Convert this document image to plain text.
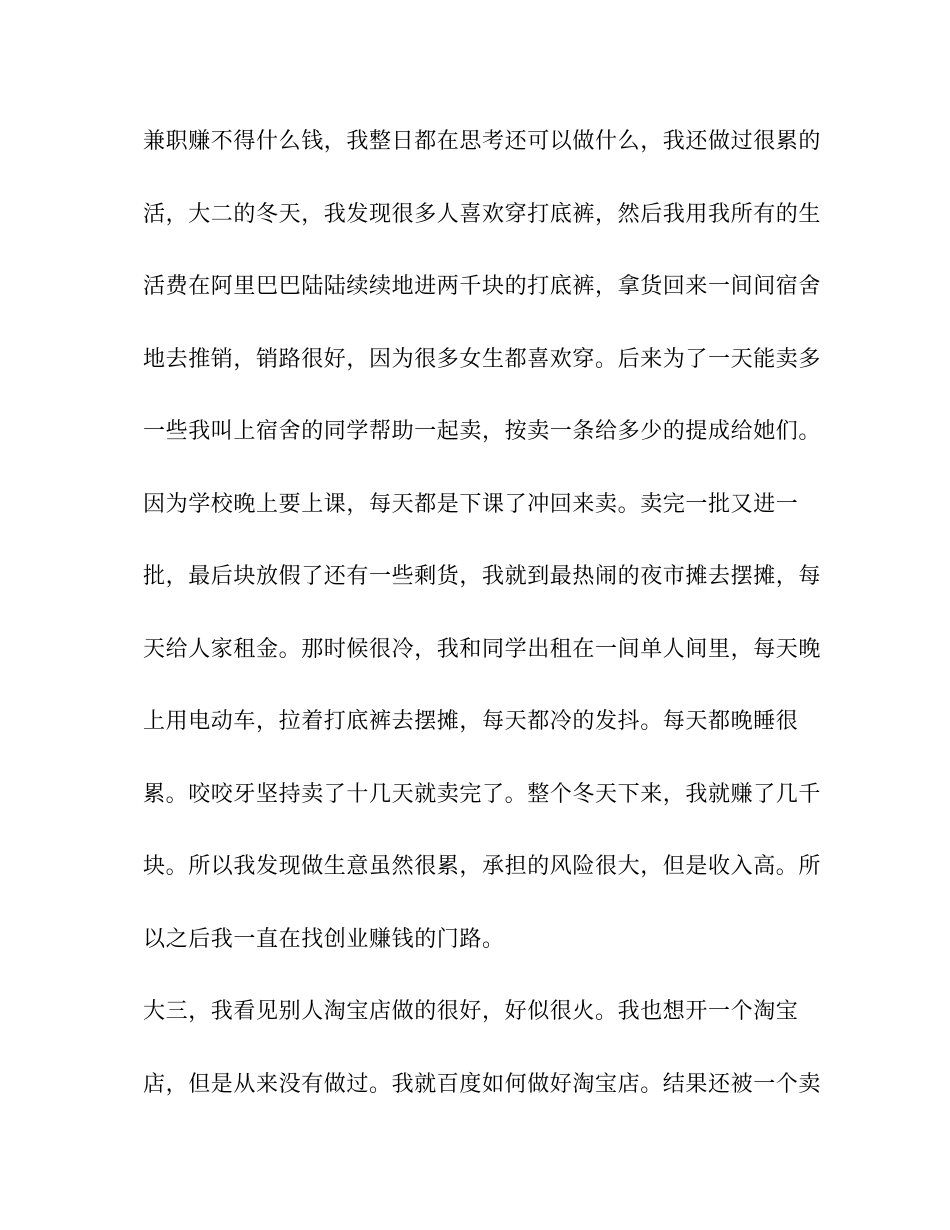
兼职赚不得什么钱，我整日都在思考还可以做什么，我还做过很累的
活，大二的冬天，我发现很多人喜欢穿打底裤，然后我用我所有的生
活费在阿里巴巴陆陆续续地进两千块的打底裤，拿货回来一间间宿舍
地去推销，销路很好，因为很多女生都喜欢穿。后来为了一天能卖多
一些我叫上宿舍的同学帮助一起卖，按卖一条给多少的提成给她们。
因为学校晚上要上课，每天都是下课了冲回来卖。卖完一批又进一
批，最后块放假了还有一些剩货，我就到最热闹的夜市摊去摆摊，每
天给人家租金。那时候很冷，我和同学出租在一间单人间里，每天晚
上用电动车，拉着打底裤去摆摊，每天都冷的发抖。每天都晚睡很
累。咬咬牙坚持卖了十几天就卖完了。整个冬天下来，我就赚了几千
块。所以我发现做生意虽然很累，承担的风险很大，但是收入高。所
以之后我一直在找创业赚钱的门路。
大三，我看见别人淘宝店做的很好，好似很火。我也想开一个淘宝
店，但是从来没有做过。我就百度如何做好淘宝店。结果还被一个卖
